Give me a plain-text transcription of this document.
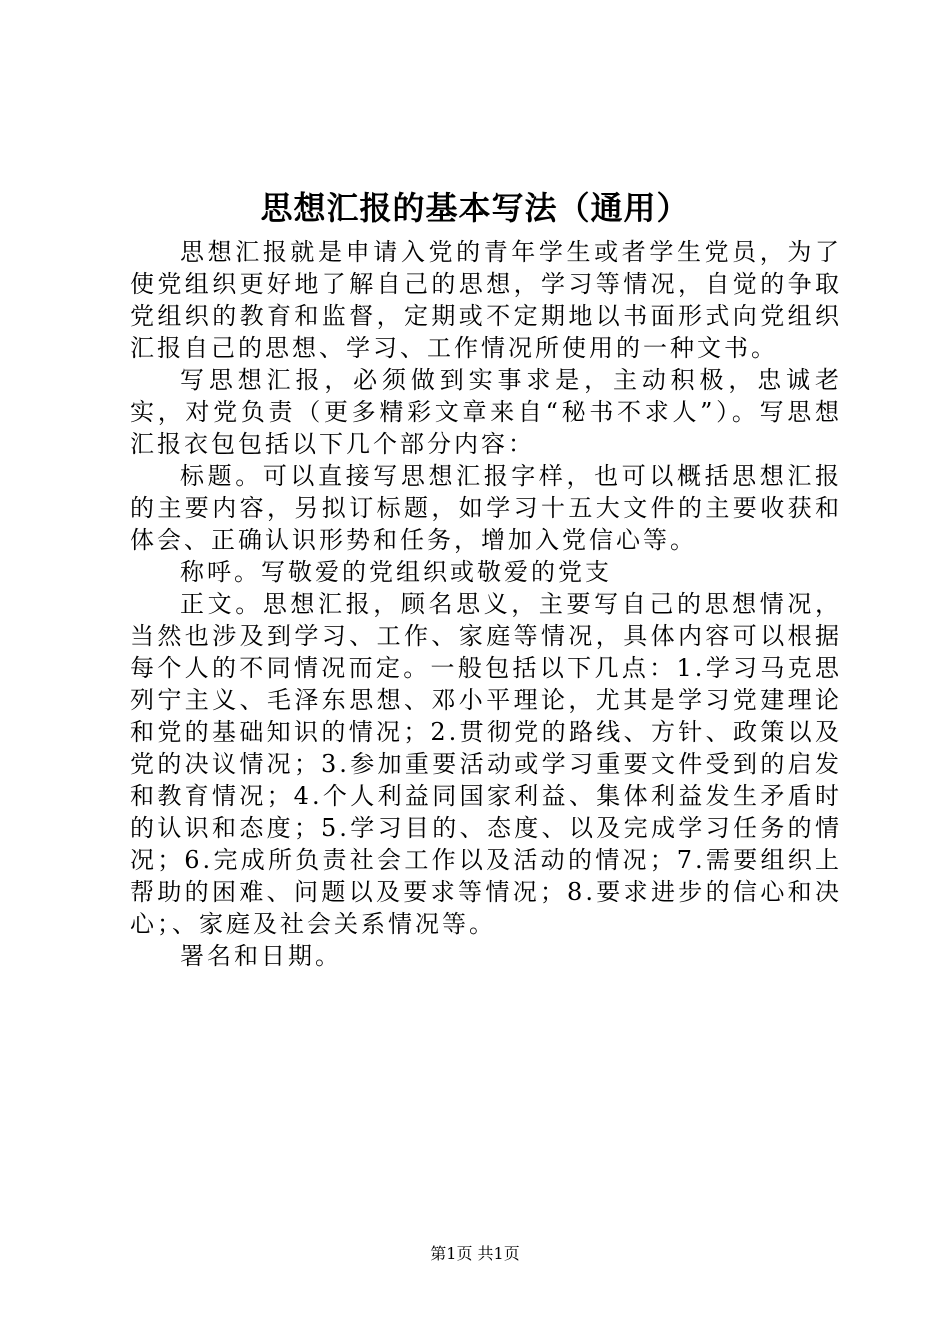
思想汇报的基本写法（通用）

思想汇报就是申请入党的青年学生或者学生党员，为了使党组织更好地了解自己的思想，学习等情况，自觉的争取党组织的教育和监督，定期或不定期地以书面形式向党组织汇报自己的思想、学习、工作情况所使用的一种文书。

写思想汇报，必须做到实事求是，主动积极，忠诚老实，对党负责（更多精彩文章来自“秘书不求人”）。写思想汇报衣包包括以下几个部分内容：

标题。可以直接写思想汇报字样，也可以概括思想汇报的主要内容，另拟订标题，如学习十五大文件的主要收获和体会、正确认识形势和任务，增加入党信心等。

称呼。写敬爱的党组织或敬爱的党支

正文。思想汇报，顾名思义，主要写自己的思想情况，当然也涉及到学习、工作、家庭等情况，具体内容可以根据每个人的不同情况而定。一般包括以下几点：1.学习马克思列宁主义、毛泽东思想、邓小平理论，尤其是学习党建理论和党的基础知识的情况；2.贯彻党的路线、方针、政策以及党的决议情况；3.参加重要活动或学习重要文件受到的启发和教育情况；4.个人利益同国家利益、集体利益发生矛盾时的认识和态度；5.学习目的、态度、以及完成学习任务的情况；6.完成所负责社会工作以及活动的情况；7.需要组织上帮助的困难、问题以及要求等情况；8.要求进步的信心和决心；、家庭及社会关系情况等。

署名和日期。

第1页 共1页
